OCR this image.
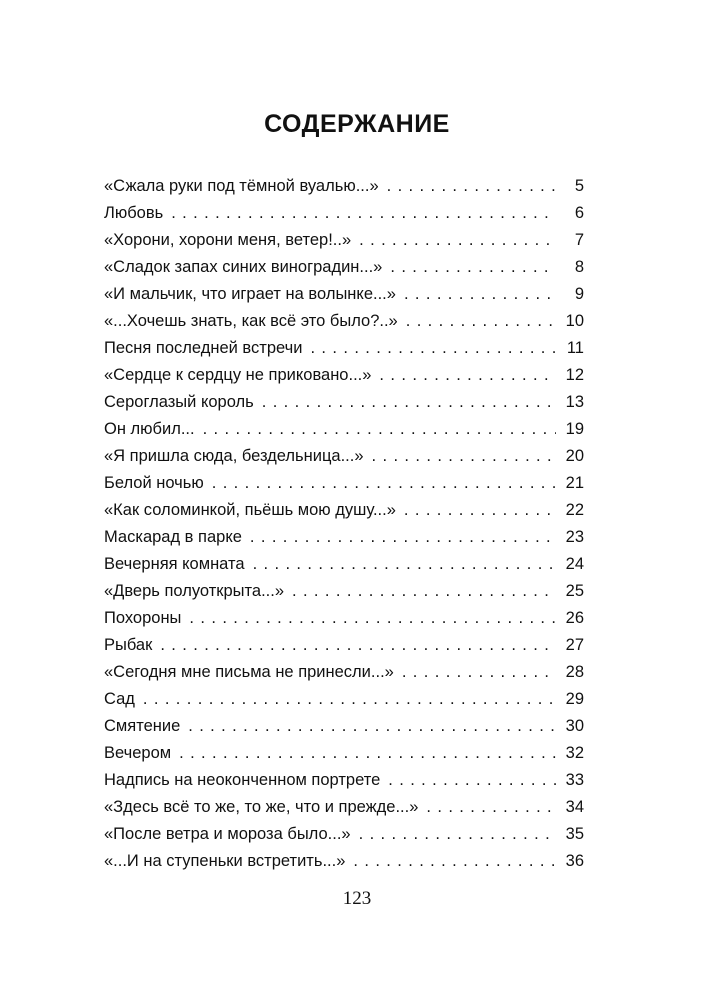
СОДЕРЖАНИЕ
«Сжала руки под тёмной вуалью...» . . .	5
Любовь . . .	6
«Хорони, хорони меня, ветер!..» . . .	7
«Сладок запах синих виноградин...» . . .	8
«И мальчик, что играет на волынке...» . . .	9
«...Хочешь знать, как всё это было?..» . . .	10
Песня последней встречи . . .	11
«Сердце к сердцу не приковано...» . . .	12
Сероглазый король . . .	13
Он любил... . . .	19
«Я пришла сюда, бездельница...» . . .	20
Белой ночью . . .	21
«Как соломинкой, пьёшь мою душу...» . . .	22
Маскарад в парке . . .	23
Вечерняя комната . . .	24
«Дверь полуоткрыта...» . . .	25
Похороны . . .	26
Рыбак . . .	27
«Сегодня мне письма не принесли...» . . .	28
Сад . . .	29
Смятение . . .	30
Вечером . . .	32
Надпись на неоконченном портрете . . .	33
«Здесь всё то же, то же, что и прежде...» . . .	34
«После ветра и мороза было...» . . .	35
«...И на ступеньки встретить...» . . .	36
123
